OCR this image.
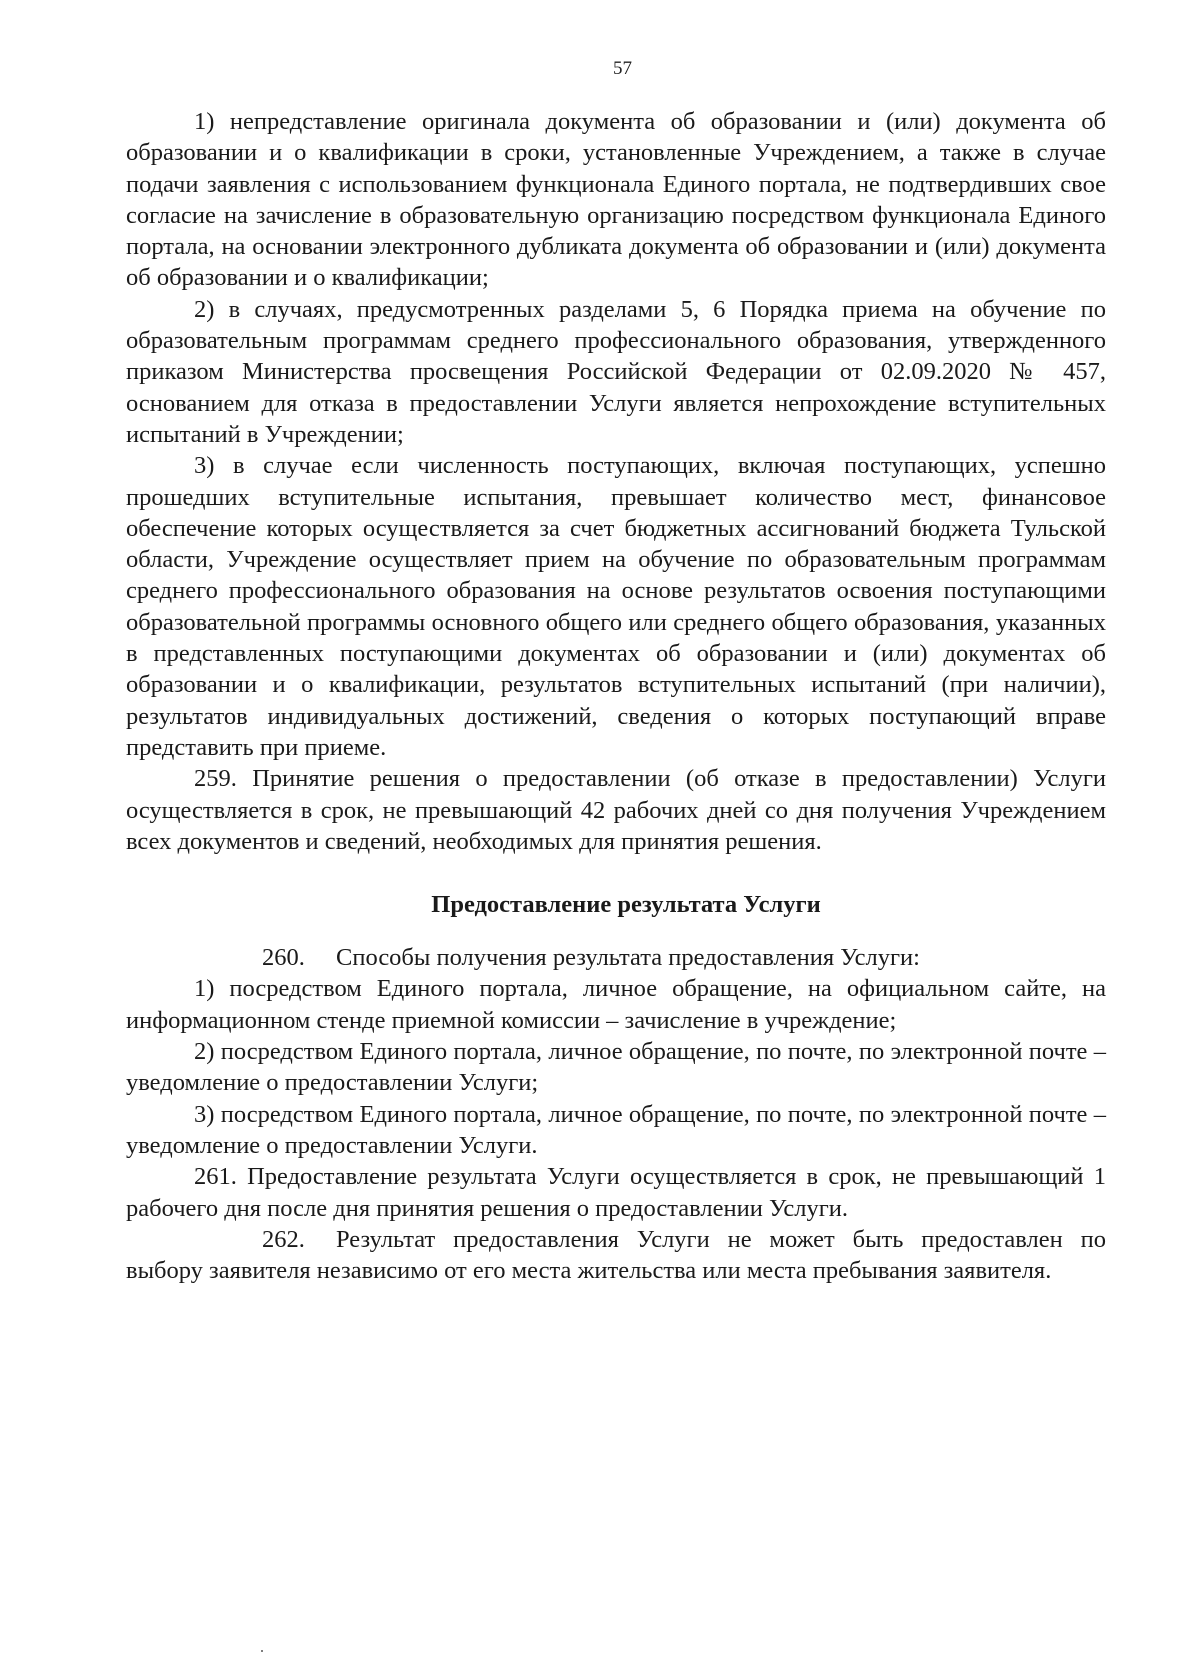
57

1) непредставление оригинала документа об образовании и (или) документа об образовании и о квалификации в сроки, установленные Учреждением, а также в случае подачи заявления с использованием функционала Единого портала, не подтвердивших свое согласие на зачисление в образовательную организацию посредством функционала Единого портала, на основании электронного дубликата документа об образовании и (или) документа об образовании и о квалификации;

2) в случаях, предусмотренных разделами 5, 6 Порядка приема на обучение по образовательным программам среднего профессионального образования, утвержденного приказом Министерства просвещения Российской Федерации от 02.09.2020 № 457, основанием для отказа в предоставлении Услуги является непрохождение вступительных испытаний в Учреждении;

3) в случае если численность поступающих, включая поступающих, успешно прошедших вступительные испытания, превышает количество мест, финансовое обеспечение которых осуществляется за счет бюджетных ассигнований бюджета Тульской области, Учреждение осуществляет прием на обучение по образовательным программам среднего профессионального образования на основе результатов освоения поступающими образовательной программы основного общего или среднего общего образования, указанных в представленных поступающими документах об образовании и (или) документах об образовании и о квалификации, результатов вступительных испытаний (при наличии), результатов индивидуальных достижений, сведения о которых поступающий вправе представить при приеме.

259. Принятие решения о предоставлении (об отказе в предоставлении) Услуги осуществляется в срок, не превышающий 42 рабочих дней со дня получения Учреждением всех документов и сведений, необходимых для принятия решения.

Предоставление результата Услуги

260. Способы получения результата предоставления Услуги:

1) посредством Единого портала, личное обращение, на официальном сайте, на информационном стенде приемной комиссии – зачисление в учреждение;

2) посредством Единого портала, личное обращение, по почте, по электронной почте – уведомление о предоставлении Услуги;

3) посредством Единого портала, личное обращение, по почте, по электронной почте – уведомление о предоставлении Услуги.

261. Предоставление результата Услуги осуществляется в срок, не превышающий 1 рабочего дня после дня принятия решения о предоставлении Услуги.

262. Результат предоставления Услуги не может быть предоставлен по выбору заявителя независимо от его места жительства или места пребывания заявителя.
